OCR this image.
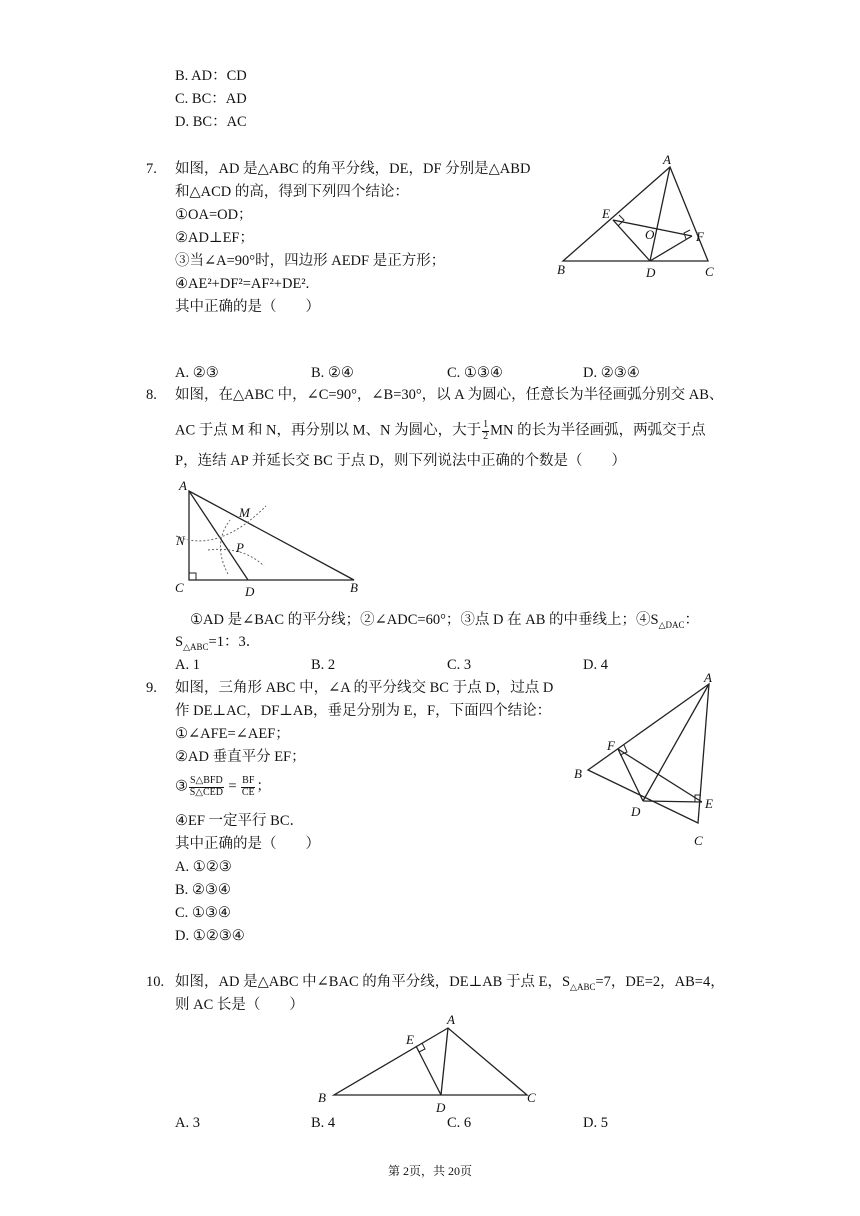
B. AD：CD
C. BC：AD
D. BC：AC
7. 如图，AD 是△ABC 的角平分线，DE，DF 分别是△ABD
和△ACD 的高，得到下列四个结论：
①OA=OD；
②AD⊥EF；
③当∠A=90°时，四边形 AEDF 是正方形；
④AE²+DF²=AF²+DE².
其中正确的是（　　）
A. ②③	B. ②④	C. ①③④	D. ②③④
A
B	C
D
E
F
O
8. 如图，在△ABC 中，∠C=90°，∠B=30°，以 A 为圆心，任意长为半径画弧分别交 AB、
AC 于点 M 和 N，再分别以 M、N 为圆心，大于 $\frac{1}{2}$ MN 的长为半径画弧，两弧交于点
P，连结 AP 并延长交 BC 于点 D，则下列说法中正确的个数是（　　）
A
B
C	D
M
N	P
①AD 是∠BAC 的平分线；②∠ADC=60°；③点 D 在 AB 的中垂线上；$④S_{\triangle DAC}$：
$S_{\triangle ABC}=1$：3．
A. 1	B. 2	C. 3	D. 4
9. 如图，三角形 ABC 中，∠A 的平分线交 BC 于点 D，过点 D
作 DE⊥AC，DF⊥AB，垂足分别为 E，F，下面四个结论：
①∠AFE=∠AEF；
②AD 垂直平分 EF；
③ $\frac{\text{S△BFD}}{\text{S△CED}} = \frac{BF}{CE}$ ；
④EF 一定平行 BC．
其中正确的是（　　）
A. ①②③
B. ②③④
C. ①③④
D. ①②③④
A
B
C
D
E
F
10. 如图，AD 是△ABC 中∠BAC 的角平分线，DE⊥AB 于点 E，$S_{\triangle ABC}=7$，DE=2，AB=4，
则 AC 长是（　　）
A
B	C
D
E
A. 3	B. 4	C. 6	D. 5
第 2页，共 20页
